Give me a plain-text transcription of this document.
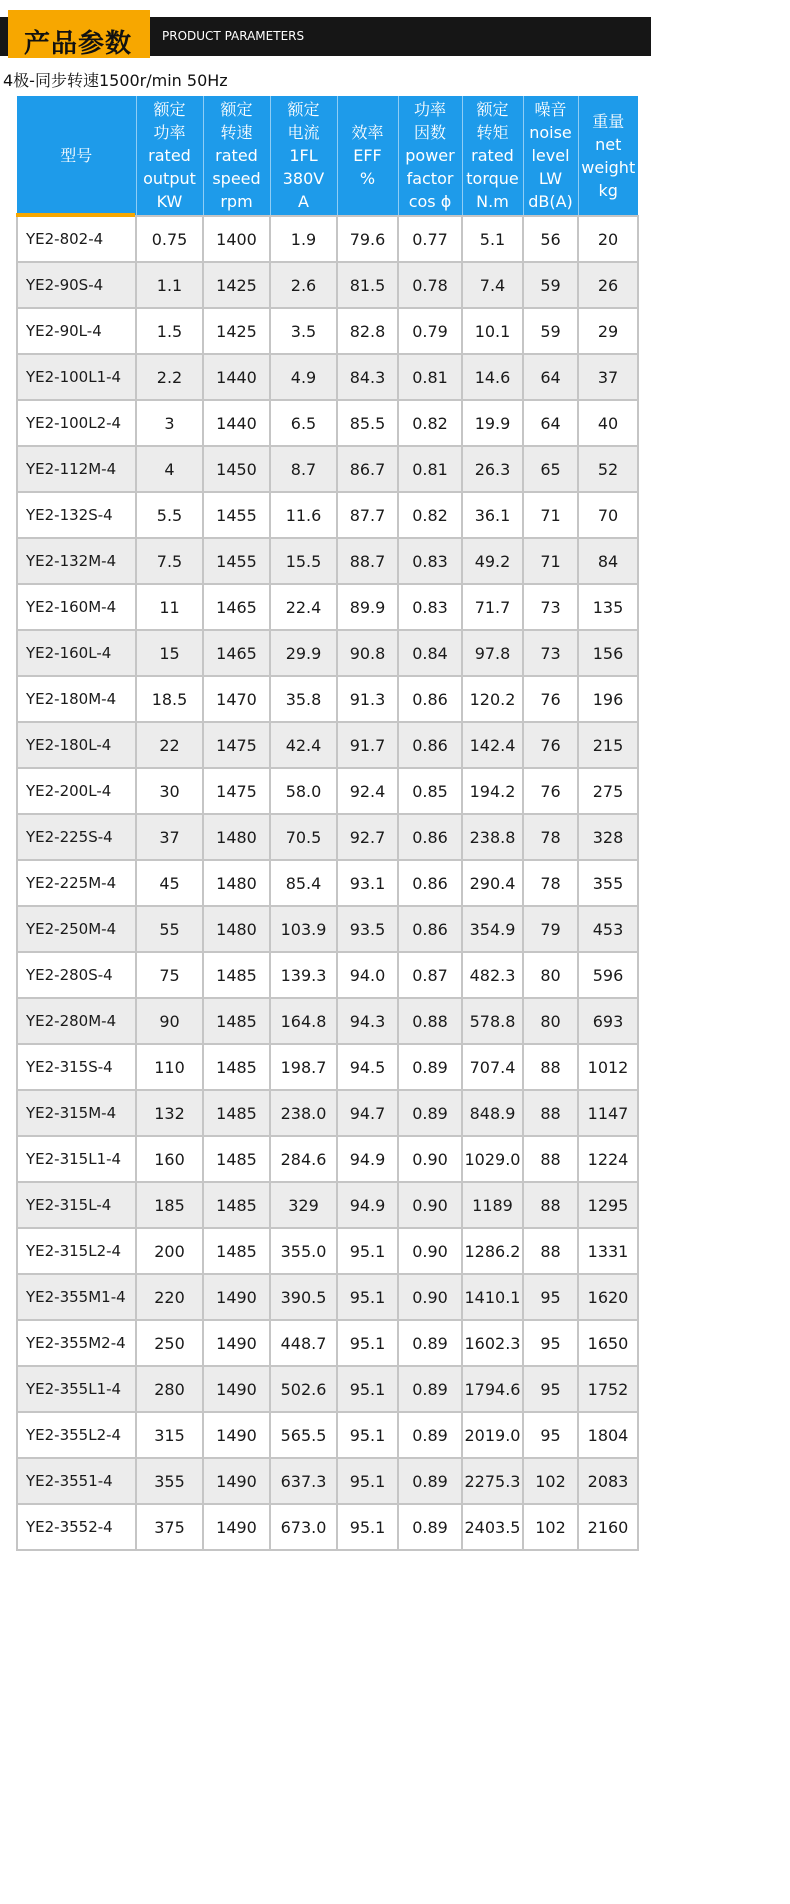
产品参数 PRODUCT PARAMETERS
4极-同步转速1500r/min 50Hz
型号	额定
功率
rated
output
KW	额定
转速
rated
speed
rpm	额定
电流
1FL
380V
A	效率
EFF
%	功率
因数
power
factor
cos ϕ	额定
转矩
rated
torque
N.m	噪音
noise
level
LW
dB(A)	重量
net
weight
kg

YE2-802-4	0.75	1400	1.9	79.6	0.77	5.1	56	20
YE2-90S-4	1.1	1425	2.6	81.5	0.78	7.4	59	26
YE2-90L-4	1.5	1425	3.5	82.8	0.79	10.1	59	29
YE2-100L1-4	2.2	1440	4.9	84.3	0.81	14.6	64	37
YE2-100L2-4	3	1440	6.5	85.5	0.82	19.9	64	40
YE2-112M-4	4	1450	8.7	86.7	0.81	26.3	65	52
YE2-132S-4	5.5	1455	11.6	87.7	0.82	36.1	71	70
YE2-132M-4	7.5	1455	15.5	88.7	0.83	49.2	71	84
YE2-160M-4	11	1465	22.4	89.9	0.83	71.7	73	135
YE2-160L-4	15	1465	29.9	90.8	0.84	97.8	73	156
YE2-180M-4	18.5	1470	35.8	91.3	0.86	120.2	76	196
YE2-180L-4	22	1475	42.4	91.7	0.86	142.4	76	215
YE2-200L-4	30	1475	58.0	92.4	0.85	194.2	76	275
YE2-225S-4	37	1480	70.5	92.7	0.86	238.8	78	328
YE2-225M-4	45	1480	85.4	93.1	0.86	290.4	78	355
YE2-250M-4	55	1480	103.9	93.5	0.86	354.9	79	453
YE2-280S-4	75	1485	139.3	94.0	0.87	482.3	80	596
YE2-280M-4	90	1485	164.8	94.3	0.88	578.8	80	693
YE2-315S-4	110	1485	198.7	94.5	0.89	707.4	88	1012
YE2-315M-4	132	1485	238.0	94.7	0.89	848.9	88	1147
YE2-315L1-4	160	1485	284.6	94.9	0.90	1029.0	88	1224
YE2-315L-4	185	1485	329	94.9	0.90	1189	88	1295
YE2-315L2-4	200	1485	355.0	95.1	0.90	1286.2	88	1331
YE2-355M1-4	220	1490	390.5	95.1	0.90	1410.1	95	1620
YE2-355M2-4	250	1490	448.7	95.1	0.89	1602.3	95	1650
YE2-355L1-4	280	1490	502.6	95.1	0.89	1794.6	95	1752
YE2-355L2-4	315	1490	565.5	95.1	0.89	2019.0	95	1804
YE2-3551-4	355	1490	637.3	95.1	0.89	2275.3	102	2083
YE2-3552-4	375	1490	673.0	95.1	0.89	2403.5	102	2160
